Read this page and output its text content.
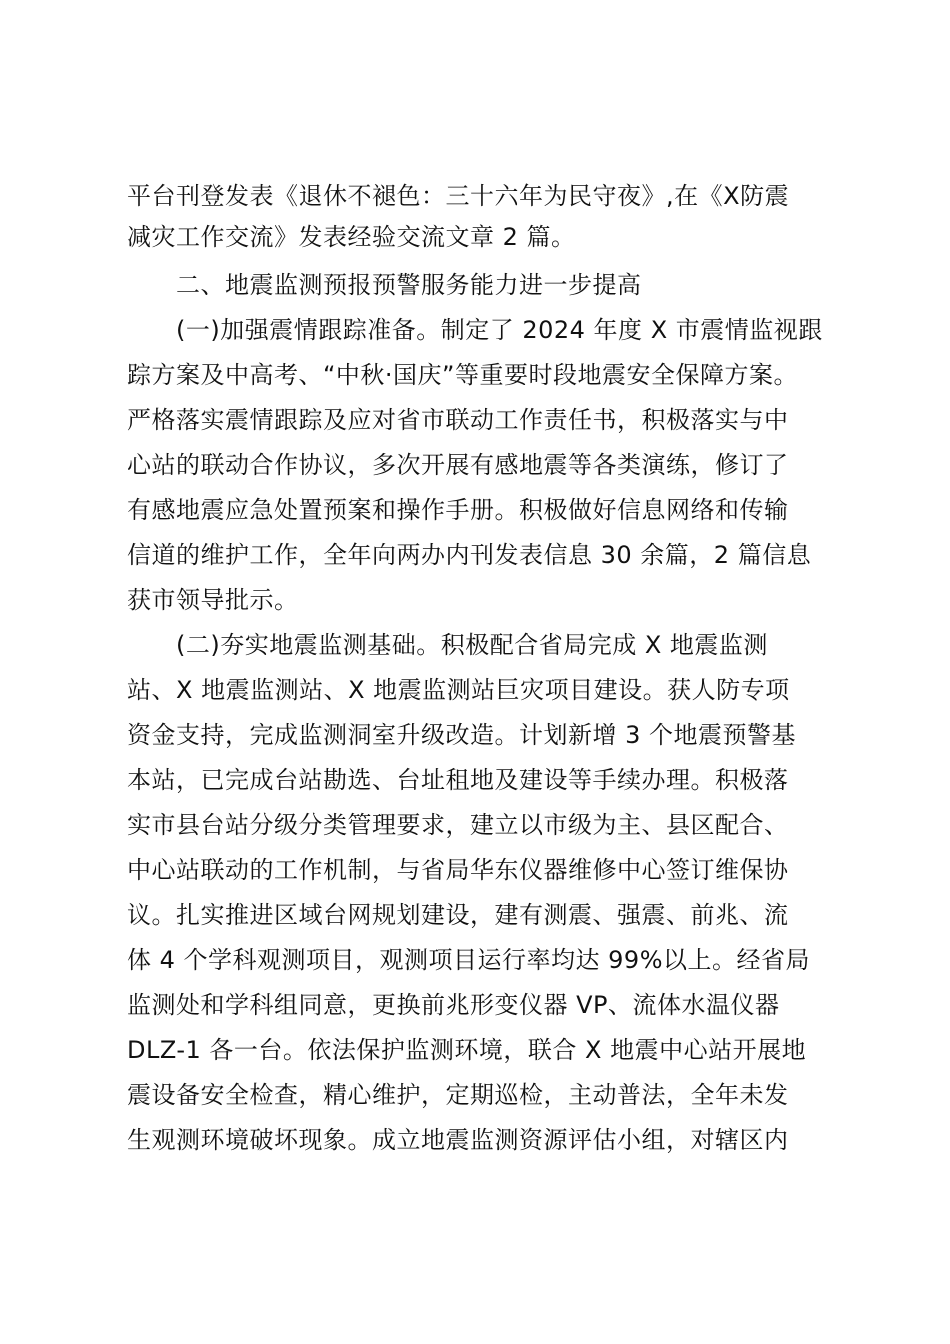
平台刊登发表《退休不褪色：三十六年为民守夜》,在《X防震
减灾工作交流》发表经验交流文章 2 篇。
二、地震监测预报预警服务能力进一步提高
(一)加强震情跟踪准备。制定了 2024 年度 X 市震情监视跟
踪方案及中高考、“中秋·国庆”等重要时段地震安全保障方案。
严格落实震情跟踪及应对省市联动工作责任书，积极落实与中
心站的联动合作协议，多次开展有感地震等各类演练，修订了
有感地震应急处置预案和操作手册。积极做好信息网络和传输
信道的维护工作，全年向两办内刊发表信息 30 余篇，2 篇信息
获市领导批示。
(二)夯实地震监测基础。积极配合省局完成 X 地震监测
站、X 地震监测站、X 地震监测站巨灾项目建设。获人防专项
资金支持，完成监测洞室升级改造。计划新增 3 个地震预警基
本站，已完成台站勘选、台址租地及建设等手续办理。积极落
实市县台站分级分类管理要求，建立以市级为主、县区配合、
中心站联动的工作机制，与省局华东仪器维修中心签订维保协
议。扎实推进区域台网规划建设，建有测震、强震、前兆、流
体 4 个学科观测项目，观测项目运行率均达 99%以上。经省局
监测处和学科组同意，更换前兆形变仪器 VP、流体水温仪器
DLZ-1 各一台。依法保护监测环境，联合 X 地震中心站开展地
震设备安全检查，精心维护，定期巡检，主动普法，全年未发
生观测环境破坏现象。成立地震监测资源评估小组，对辖区内
